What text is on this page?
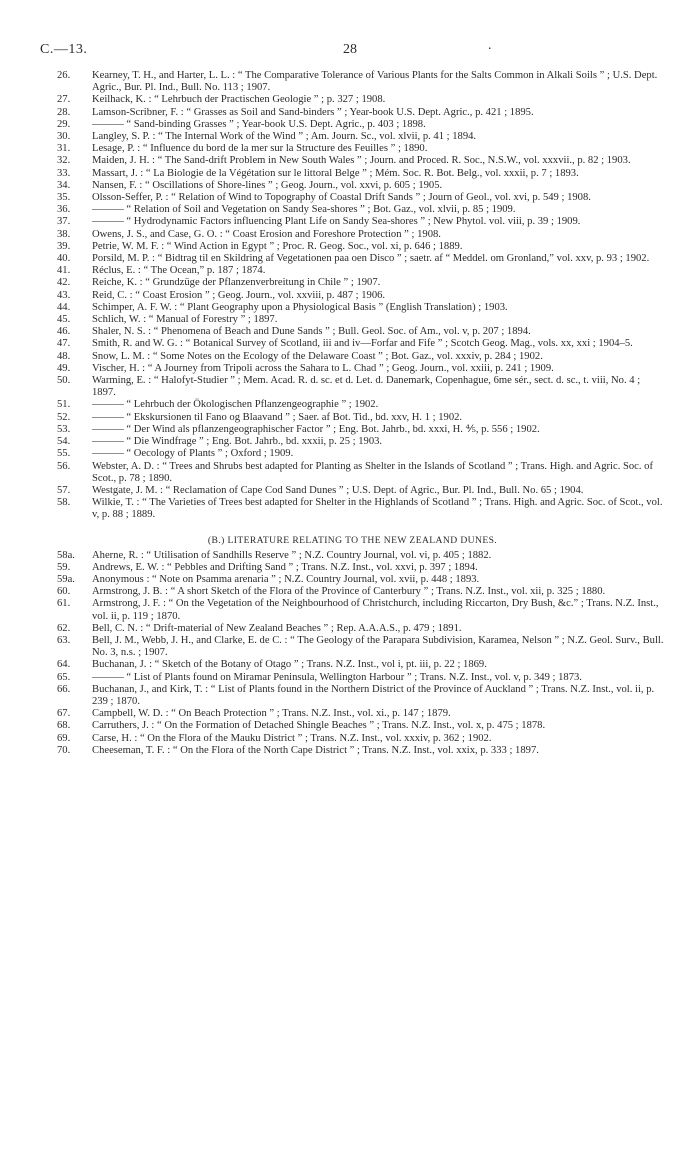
C.—13.	28	·

26. Kearney, T. H., and Harter, L. L. : “ The Comparative Tolerance of Various Plants for the Salts Common in Alkali Soils ” ; U.S. Dept. Agric., Bur. Pl. Ind., Bull. No. 113 ; 1907.

27. Keilhack, K. : “ Lehrbuch der Practischen Geologie ” ; p. 327 ; 1908.

28. Lamson-Scribner, F. : “ Grasses as Soil and Sand-binders ” ; Year-book U.S. Dept. Agric., p. 421 ; 1895.

29. ——— “ Sand-binding Grasses ” ; Year-book U.S. Dept. Agric., p. 403 ; 1898.

30. Langley, S. P. : “ The Internal Work of the Wind ” ; Am. Journ. Sc., vol. xlvii, p. 41 ; 1894.

31. Lesage, P. : “ Influence du bord de la mer sur la Structure des Feuilles ” ; 1890.

32. Maiden, J. H. : “ The Sand-drift Problem in New South Wales ” ; Journ. and Proced. R. Soc., N.S.W., vol. xxxvii., p. 82 ; 1903.

33. Massart, J. : “ La Biologie de la Végétation sur le littoral Belge ” ; Mém. Soc. R. Bot. Belg., vol. xxxii, p. 7 ; 1893.

34. Nansen, F. : “ Oscillations of Shore-lines ” ; Geog. Journ., vol. xxvi, p. 605 ; 1905.

35. Olsson-Seffer, P. : “ Relation of Wind to Topography of Coastal Drift Sands ” ; Journ of Geol., vol. xvi, p. 549 ; 1908.

36. ——— “ Relation of Soil and Vegetation on Sandy Sea-shores ” ; Bot. Gaz., vol. xlvii, p. 85 ; 1909.

37. ——— “ Hydrodynamic Factors influencing Plant Life on Sandy Sea-shores ” ; New Phytol. vol. viii, p. 39 ; 1909.

38. Owens, J. S., and Case, G. O. : “ Coast Erosion and Foreshore Protection ” ; 1908.

39. Petrie, W. M. F. : “ Wind Action in Egypt ” ; Proc. R. Geog. Soc., vol. xi, p. 646 ; 1889.

40. Porsild, M. P. : “ Bidtrag til en Skildring af Vegetationen paa oen Disco ” ; saetr. af “ Meddel. om Gronland,” vol. xxv, p. 93 ; 1902.

41. Réclus, E. : “ The Ocean,” p. 187 ; 1874.

42. Reiche, K. : “ Grundzüge der Pflanzenverbreitung in Chile ” ; 1907.

43. Reid, C. : “ Coast Erosion ” ; Geog. Journ., vol. xxviii, p. 487 ; 1906.

44. Schimper, A. F. W. : “ Plant Geography upon a Physiological Basis ” (English Translation) ; 1903.

45. Schlich, W. : “ Manual of Forestry ” ; 1897.

46. Shaler, N. S. : “ Phenomena of Beach and Dune Sands ” ; Bull. Geol. Soc. of Am., vol. v, p. 207 ; 1894.

47. Smith, R. and W. G. : “ Botanical Survey of Scotland, iii and iv—Forfar and Fife ” ; Scotch Geog. Mag., vols. xx, xxi ; 1904–5.

48. Snow, L. M. : “ Some Notes on the Ecology of the Delaware Coast ” ; Bot. Gaz., vol. xxxiv, p. 284 ; 1902.

49. Vischer, H. : “ A Journey from Tripoli across the Sahara to L. Chad ” ; Geog. Journ., vol. xxiii, p. 241 ; 1909.

50. Warming, E. : “ Halofyt-Studier ” ; Mem. Acad. R. d. sc. et d. Let. d. Danemark, Copenhague, 6me sér., sect. d. sc., t. viii, No. 4 ; 1897.

51. ——— “ Lehrbuch der Ökologischen Pflanzengeographie ” ; 1902.

52. ——— “ Ekskursionen til Fano og Blaavand ” ; Saer. af Bot. Tid., bd. xxv, H. 1 ; 1902.

53. ——— “ Der Wind als pflanzengeographischer Factor ” ; Eng. Bot. Jahrb., bd. xxxi, H. ⅘, p. 556 ; 1902.

54. ——— “ Die Windfrage ” ; Eng. Bot. Jahrb., bd. xxxii, p. 25 ; 1903.

55. ——— “ Oecology of Plants ” ; Oxford ; 1909.

56. Webster, A. D. : “ Trees and Shrubs best adapted for Planting as Shelter in the Islands of Scotland ” ; Trans. High. and Agric. Soc. of Scot., p. 78 ; 1890.

57. Westgate, J. M. : “ Reclamation of Cape Cod Sand Dunes ” ; U.S. Dept. of Agric., Bur. Pl. Ind., Bull. No. 65 ; 1904.

58. Wilkie, T. : “ The Varieties of Trees best adapted for Shelter in the Highlands of Scotland ” ; Trans. High. and Agric. Soc. of Scot., vol. v, p. 88 ; 1889.

(B.) LITERATURE RELATING TO THE NEW ZEALAND DUNES.

58a. Aherne, R. : “ Utilisation of Sandhills Reserve ” ; N.Z. Country Journal, vol. vi, p. 405 ; 1882.

59. Andrews, E. W. : “ Pebbles and Drifting Sand ” ; Trans. N.Z. Inst., vol. xxvi, p. 397 ; 1894.

59a. Anonymous : “ Note on Psamma arenaria ” ; N.Z. Country Journal, vol. xvii, p. 448 ; 1893.

60. Armstrong, J. B. : “ A short Sketch of the Flora of the Province of Canterbury ” ; Trans. N.Z. Inst., vol. xii, p. 325 ; 1880.

61. Armstrong, J. F. : “ On the Vegetation of the Neighbourhood of Christchurch, including Riccarton, Dry Bush, &c.” ; Trans. N.Z. Inst., vol. ii, p. 119 ; 1870.

62. Bell, C. N. : “ Drift-material of New Zealand Beaches ” ; Rep. A.A.A.S., p. 479 ; 1891.

63. Bell, J. M., Webb, J. H., and Clarke, E. de C. : “ The Geology of the Parapara Subdivision, Karamea, Nelson ” ; N.Z. Geol. Surv., Bull. No. 3, n.s. ; 1907.

64. Buchanan, J. : “ Sketch of the Botany of Otago ” ; Trans. N.Z. Inst., vol i, pt. iii, p. 22 ; 1869.

65. ——— “ List of Plants found on Miramar Peninsula, Wellington Harbour ” ; Trans. N.Z. Inst., vol. v, p. 349 ; 1873.

66. Buchanan, J., and Kirk, T. : “ List of Plants found in the Northern District of the Province of Auckland ” ; Trans. N.Z. Inst., vol. ii, p. 239 ; 1870.

67. Campbell, W. D. : “ On Beach Protection ” ; Trans. N.Z. Inst., vol. xi., p. 147 ; 1879.

68. Carruthers, J. : “ On the Formation of Detached Shingle Beaches ” ; Trans. N.Z. Inst., vol. x, p. 475 ; 1878.

69. Carse, H. : “ On the Flora of the Mauku District ” ; Trans. N.Z. Inst., vol. xxxiv, p. 362 ; 1902.

70. Cheeseman, T. F. : “ On the Flora of the North Cape District ” ; Trans. N.Z. Inst., vol. xxix, p. 333 ; 1897.
